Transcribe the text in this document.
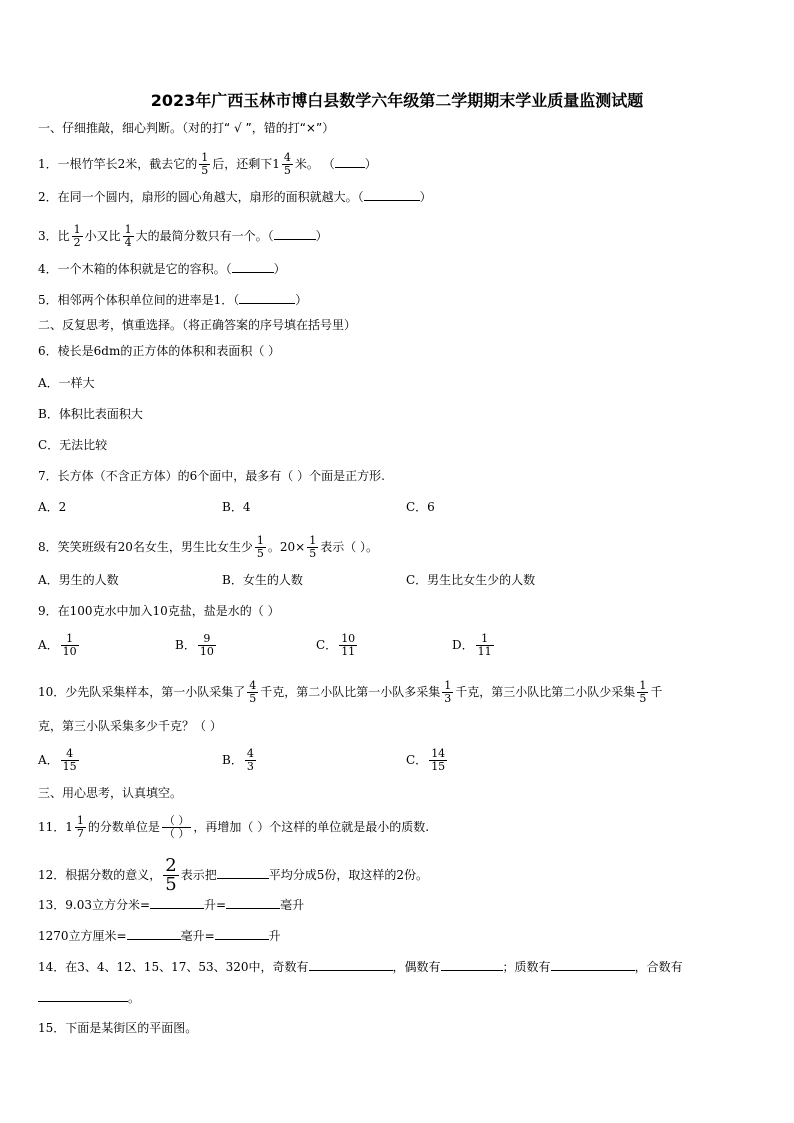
2023年广西玉林市博白县数学六年级第二学期期末学业质量监测试题
一、仔细推敲，细心判断。（对的打“ √ ”，错的打“×”）
1．一根竹竿长2米，截去它的 $\frac{1}{5}$ 后，还剩下$1 \frac{4}{5}$ 米。 （	）
2．在同一个圆内，扇形的圆心角越大，扇形的面积就越大。（	）
3．比 $\frac{1}{2}$ 小又比 $\frac{1}{4}$ 大的最简分数只有一个。（	）
4．一个木箱的体积就是它的容积。（	）
5．相邻两个体积单位间的进率是1．（	）
二、反复思考，慎重选择。（将正确答案的序号填在括号里）
6．棱长是6dm的正方体的体积和表面积（ ）
A．一样大
B．体积比表面积大
C．无法比较
7．长方体（不含正方体）的6个面中，最多有（ ）个面是正方形.
A．2	B．4	C．6
8．笑笑班级有20名女生，男生比女生少 $\frac{1}{5}$ 。$20\times \frac{1}{5}$ 表示（ ）。
A．男生的人数	B．女生的人数	C．男生比女生少的人数
9．在100克水中加入10克盐，盐是水的（ ）
A． $\frac{1}{10}$	B． $\frac{9}{10}$	C． $\frac{10}{11}$	D． $\frac{1}{11}$
10．少先队采集样本，第一小队采集了 $\frac{4}{5}$ 千克，第二小队比第一小队多采集 $\frac{1}{3}$ 千克，第三小队比第二小队少采集 $\frac{1}{5}$ 千
克，第三小队采集多少千克？（ ）
A． $\frac{4}{15}$	B． $\frac{4}{3}$	C． $\frac{14}{15}$
三、用心思考，认真填空。
11．$1 \frac{1}{7}$ 的分数单位是 $\frac{( )}{( )}$ ，再增加（ ）个这样的单位就是最小的质数.
12．根据分数的意义， $\frac{2}{5}$ 表示把	平均分成5份，取这样的2份。
13．9.03立方分米=	升=	毫升
1270立方厘米=	毫升=	升
14．在3、4、12、15、17、53、320中，奇数有	，偶数有	；质数有	，合数有
。
15．下面是某街区的平面图。
